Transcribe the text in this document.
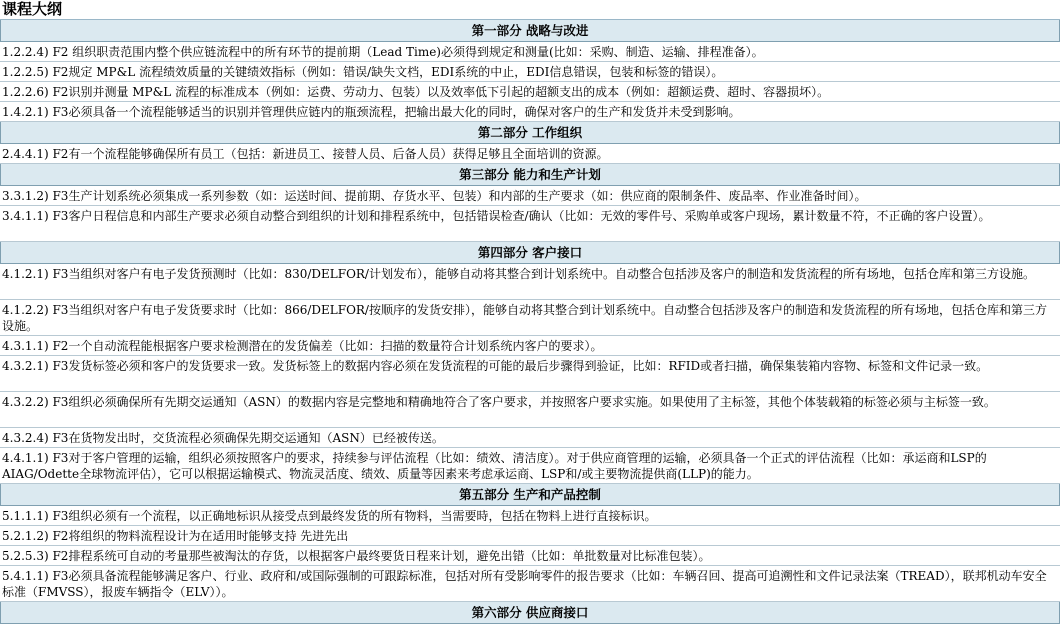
课程大纲
第一部分 战略与改进
1.2.2.4) F2 组织职责范围内整个供应链流程中的所有环节的提前期（Lead Time)必须得到规定和测量(比如：采购、制造、运输、排程准备）。
1.2.2.5) F2规定 MP&L 流程绩效质量的关键绩效指标（例如：错误/缺失文档，EDI系统的中止，EDI信息错误，包装和标签的错误）。
1.2.2.6) F2识别并测量 MP&L 流程的标准成本（例如：运费、劳动力、包装）以及效率低下引起的超额支出的成本（例如：超额运费、超时、容器损坏）。
1.4.2.1) F3必须具备一个流程能够适当的识别并管理供应链内的瓶颈流程，把输出最大化的同时，确保对客户的生产和发货并未受到影响。
第二部分 工作组织
2.4.4.1) F2有一个流程能够确保所有员工（包括：新进员工、接替人员、后备人员）获得足够且全面培训的资源。
第三部分 能力和生产计划
3.3.1.2) F3生产计划系统必须集成一系列参数（如：运送时间、提前期、存货水平、包装）和内部的生产要求（如：供应商的限制条件、废品率、作业准备时间）。
3.4.1.1) F3客户日程信息和内部生产要求必须自动整合到组织的计划和排程系统中，包括错误检查/确认（比如：无效的零件号、采购单或客户现场，累计数量不符，不正确的客户设置）。
第四部分 客户接口
4.1.2.1) F3当组织对客户有电子发货预测时（比如：830/DELFOR/计划发布），能够自动将其整合到计划系统中。自动整合包括涉及客户的制造和发货流程的所有场地，包括仓库和第三方设施。
4.1.2.2) F3当组织对客户有电子发货要求时（比如：866/DELFOR/按顺序的发货安排），能够自动将其整合到计划系统中。自动整合包括涉及客户的制造和发货流程的所有场地，包括仓库和第三方设施。
4.3.1.1) F2一个自动流程能根据客户要求检测潜在的发货偏差（比如：扫描的数量符合计划系统内客户的要求）。
4.3.2.1) F3发货标签必须和客户的发货要求一致。发货标签上的数据内容必须在发货流程的可能的最后步骤得到验证，比如：RFID或者扫描，确保集装箱内容物、标签和文件记录一致。
4.3.2.2) F3组织必须确保所有先期交运通知（ASN）的数据内容是完整地和精确地符合了客户要求，并按照客户要求实施。如果使用了主标签，其他个体装载箱的标签必须与主标签一致。
4.3.2.4) F3在货物发出时，交货流程必须确保先期交运通知（ASN）已经被传送。
4.4.1.1) F3对于客户管理的运输，组织必须按照客户的要求，持续参与评估流程（比如：绩效、清洁度）。对于供应商管理的运输，必须具备一个正式的评估流程（比如：承运商和LSP的AIAG/Odette全球物流评估），它可以根据运输模式、物流灵活度、绩效、质量等因素来考虑承运商、LSP和/或主要物流提供商(LLP)的能力。
第五部分 生产和产品控制
5.1.1.1) F3组织必须有一个流程，以正确地标识从接受点到最终发货的所有物料，当需要時，包括在物料上进行直接标识。
5.2.1.2) F2将组织的物料流程设计为在适用时能够支持 先进先出
5.2.5.3) F2排程系统可自动的考量那些被淘汰的存货，以根据客户最终要货日程来计划，避免出错（比如：单批数量对比标准包装）。
5.4.1.1) F3必须具备流程能够满足客户、行业、政府和/或国际强制的可跟踪标准，包括对所有受影响零件的报告要求（比如：车辆召回、提高可追溯性和文件记录法案（TREAD），联邦机动车安全标准（FMVSS），报废车辆指令（ELV））。
第六部分 供应商接口
